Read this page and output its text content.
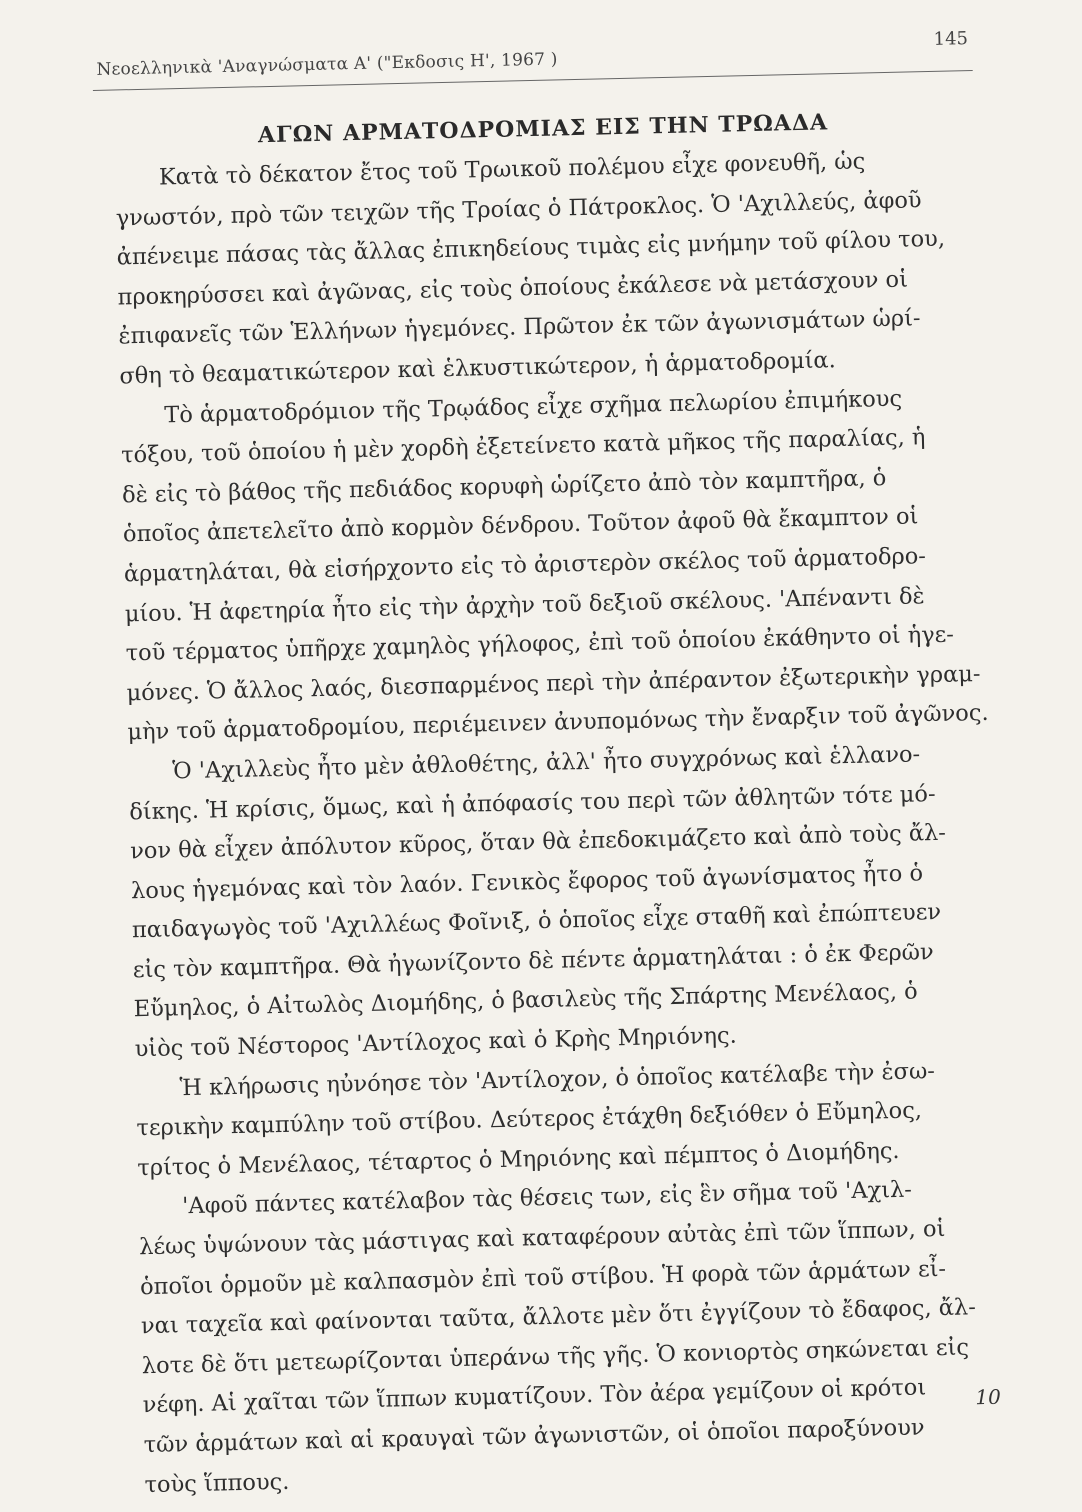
Νεοελληνικὰ 'Αναγνώσματα Α' ("Εκδοσις Η', 1967 )
145
ΑΓΩΝ ΑΡΜΑΤΟΔΡΟΜΙΑΣ ΕΙΣ ΤΗΝ ΤΡΩΑΔΑ
Κατὰ τὸ δέκατον ἔτος τοῦ Τρωικοῦ πολέμου εἶχε φονευθῆ, ὡς
γνωστόν, πρὸ τῶν τειχῶν τῆς Τροίας ὁ Πάτροκλος. Ὁ 'Αχιλλεύς, ἀφοῦ
ἀπένειμε πάσας τὰς ἄλλας ἐπικηδείους τιμὰς εἰς μνήμην τοῦ φίλου του,
προκηρύσσει καὶ ἀγῶνας, εἰς τοὺς ὁποίους ἐκάλεσε νὰ μετάσχουν οἱ
ἐπιφανεῖς τῶν Ἑλλήνων ἡγεμόνες. Πρῶτον ἐκ τῶν ἀγωνισμάτων ὡρί-
σθη τὸ θεαματικώτερον καὶ ἑλκυστικώτερον, ἡ ἁρματοδρομία.
Τὸ ἁρματοδρόμιον τῆς Τρῳάδος εἶχε σχῆμα πελωρίου ἐπιμήκους
τόξου, τοῦ ὁποίου ἡ μὲν χορδὴ ἐξετείνετο κατὰ μῆκος τῆς παραλίας, ἡ
δὲ εἰς τὸ βάθος τῆς πεδιάδος κορυφὴ ὡρίζετο ἀπὸ τὸν καμπτῆρα, ὁ
ὁποῖος ἀπετελεῖτο ἀπὸ κορμὸν δένδρου. Τοῦτον ἀφοῦ θὰ ἔκαμπτον οἱ
ἁρματηλάται, θὰ εἰσήρχοντο εἰς τὸ ἀριστερὸν σκέλος τοῦ ἁρματοδρο-
μίου. Ἡ ἀφετηρία ἦτο εἰς τὴν ἀρχὴν τοῦ δεξιοῦ σκέλους. 'Απέναντι δὲ
τοῦ τέρματος ὑπῆρχε χαμηλὸς γήλοφος, ἐπὶ τοῦ ὁποίου ἐκάθηντο οἱ ἡγε-
μόνες. Ὁ ἄλλος λαός, διεσπαρμένος περὶ τὴν ἀπέραντον ἐξωτερικὴν γραμ-
μὴν τοῦ ἁρματοδρομίου, περιέμεινεν ἀνυπομόνως τὴν ἔναρξιν τοῦ ἀγῶνος.
Ὁ 'Αχιλλεὺς ἦτο μὲν ἀθλοθέτης, ἀλλ' ἦτο συγχρόνως καὶ ἑλλανο-
δίκης. Ἡ κρίσις, ὅμως, καὶ ἡ ἀπόφασίς του περὶ τῶν ἀθλητῶν τότε μό-
νον θὰ εἶχεν ἀπόλυτον κῦρος, ὅταν θὰ ἐπεδοκιμάζετο καὶ ἀπὸ τοὺς ἄλ-
λους ἡγεμόνας καὶ τὸν λαόν. Γενικὸς ἔφορος τοῦ ἀγωνίσματος ἦτο ὁ
παιδαγωγὸς τοῦ 'Αχιλλέως Φοῖνιξ, ὁ ὁποῖος εἶχε σταθῆ καὶ ἐπώπτευεν
εἰς τὸν καμπτῆρα. Θὰ ἠγωνίζοντο δὲ πέντε ἁρματηλάται : ὁ ἐκ Φερῶν
Εὔμηλος, ὁ Αἰτωλὸς Διομήδης, ὁ βασιλεὺς τῆς Σπάρτης Μενέλαος, ὁ
υἱὸς τοῦ Νέστορος 'Αντίλοχος καὶ ὁ Κρὴς Μηριόνης.
Ἡ κλήρωσις ηὐνόησε τὸν 'Αντίλοχον, ὁ ὁποῖος κατέλαβε τὴν ἐσω-
τερικὴν καμπύλην τοῦ στίβου. Δεύτερος ἐτάχθη δεξιόθεν ὁ Εὔμηλος,
τρίτος ὁ Μενέλαος, τέταρτος ὁ Μηριόνης καὶ πέμπτος ὁ Διομήδης.
'Αφοῦ πάντες κατέλαβον τὰς θέσεις των, εἰς ἓν σῆμα τοῦ 'Αχιλ-
λέως ὑψώνουν τὰς μάστιγας καὶ καταφέρουν αὐτὰς ἐπὶ τῶν ἵππων, οἱ
ὁποῖοι ὁρμοῦν μὲ καλπασμὸν ἐπὶ τοῦ στίβου. Ἡ φορὰ τῶν ἁρμάτων εἶ-
ναι ταχεῖα καὶ φαίνονται ταῦτα, ἄλλοτε μὲν ὅτι ἐγγίζουν τὸ ἔδαφος, ἄλ-
λοτε δὲ ὅτι μετεωρίζονται ὑπεράνω τῆς γῆς. Ὁ κονιορτὸς σηκώνεται εἰς
νέφη. Αἱ χαῖται τῶν ἵππων κυματίζουν. Τὸν ἀέρα γεμίζουν οἱ κρότοι
τῶν ἁρμάτων καὶ αἱ κραυγαὶ τῶν ἀγωνιστῶν, οἱ ὁποῖοι παροξύνουν
τοὺς ἵππους.
10
